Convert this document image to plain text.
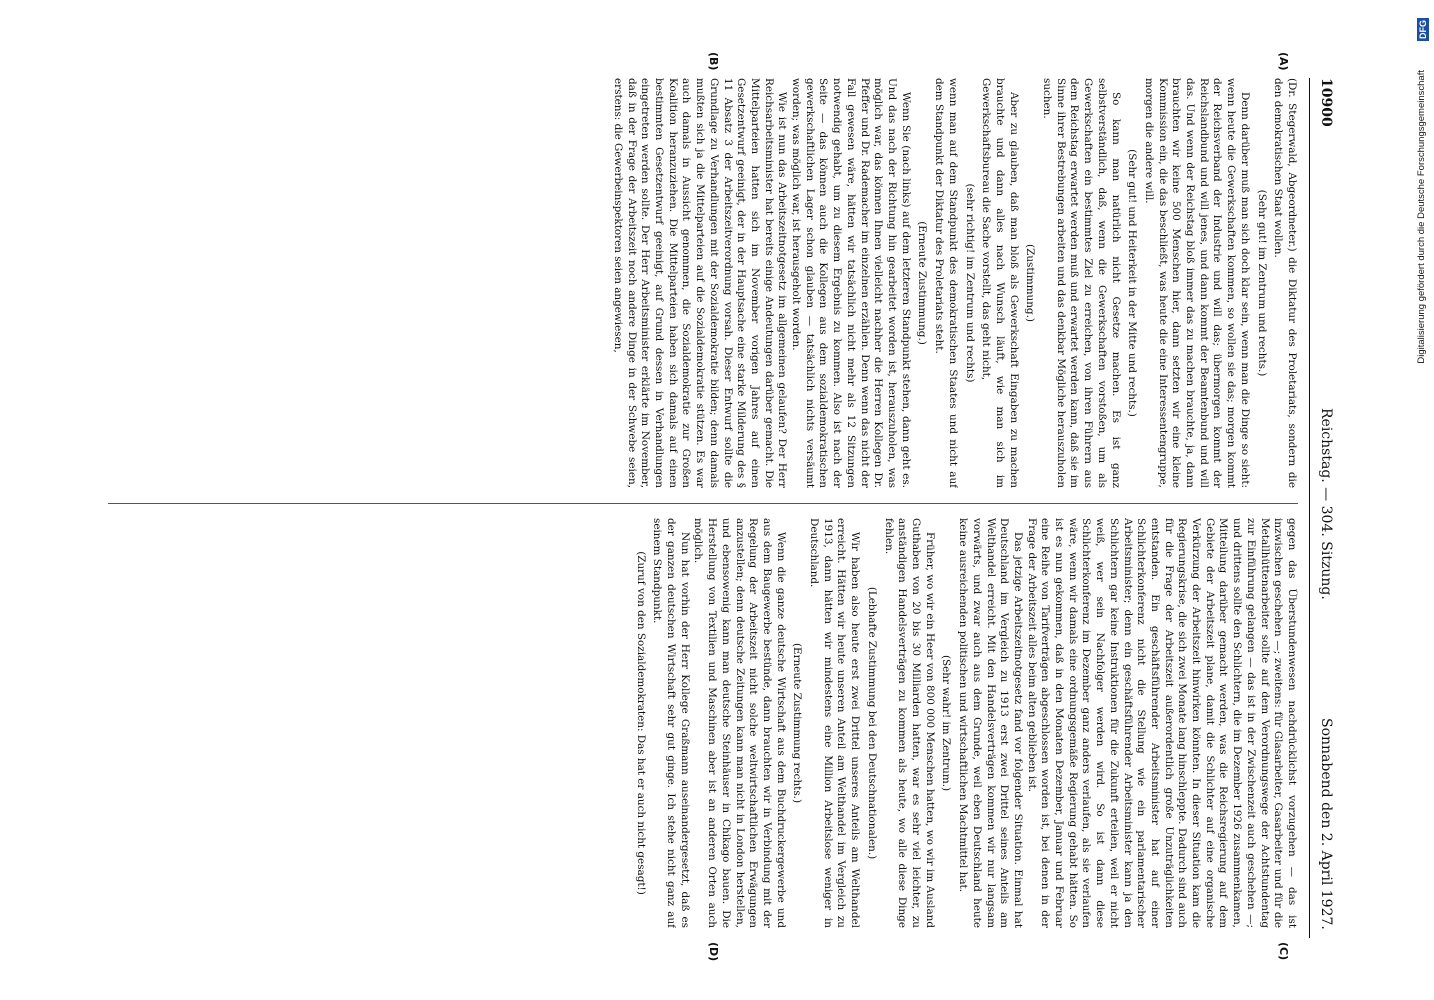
10900
Reichstag. — 304. Sitzung.
Sonnabend den 2. April 1927.
(A)
(B)
(C)
(D)

(Dr. Stegerwald, Abgeordneter.) die Diktatur des Proletariats, sondern die den demokratischen Staat wollen.

(Sehr gut! im Zentrum und rechts.)

Denn darüber muß man sich doch klar sein, wenn man die Dinge so sieht: wenn heute die Gewerkschaften kommen, so wollen sie das; morgen kommt der Reichsverband der Industrie und will das; übermorgen kommt der Reichslandbund und will jenes, und dann kommt der Beamtenbund und will das. Und wenn der Reichstag bloß immer das zu machen brauchte, ja, dann brauchten wir keine 500 Menschen hier, dann setzten wir eine kleine Kommission ein, die das beschließt, was heute die eine Interessentengruppe, morgen die andere will.

(Sehr gut! und Heiterkeit in der Mitte und rechts.)

So kann man natürlich nicht Gesetze machen. Es ist ganz selbstverständlich, daß, wenn die Gewerkschaften vorstoßen, um als Gewerkschaften ein bestimmtes Ziel zu erreichen, von ihren Führern aus dem Reichstag erwartet werden muß und erwartet werden kann, daß sie im Sinne ihrer Bestrebungen arbeiten und das denkbar Mögliche herauszuholen suchen.

(Zustimmung.)

Aber zu glauben, daß man bloß als Gewerkschaft Eingaben zu machen brauchte und dann alles nach Wunsch läuft, wie man sich im Gewerkschaftsbureau die Sache vorstellt, das geht nicht,

(sehr richtig! im Zentrum und rechts)

wenn man auf dem Standpunkt des demokratischen Staates und nicht auf dem Standpunkt der Diktatur des Proletariats steht.

(Erneute Zustimmung.)

Wenn Sie (nach links) auf dem letzteren Standpunkt stehen, dann geht es. Und das nach der Richtung hin gearbeitet worden ist, herauszuholen, was möglich war, das können Ihnen vielleicht nachher die Herren Kollegen Dr. Pfeffer und Dr. Rademacher im einzelnen erzählen. Denn wenn das nicht der Fall gewesen wäre, hätten wir tatsächlich nicht mehr als 12 Sitzungen notwendig gehabt, um zu diesem Ergebnis zu kommen. Also ist nach der Seite — das können auch die Kollegen aus dem sozialdemokratischen gewerkschaftlichen Lager schon glauben — tatsächlich nichts versäumt worden; was möglich war, ist herausgeholt worden.

Wie ist nun das Arbeitszeitnotgesetz im allgemeinen gelaufen? Der Herr Reichsarbeitsminister hat bereits einige Andeutungen darüber gemacht. Die Mittelparteien hatten sich im November vorigen Jahres auf einen Gesetzentwurf geeinigt, der in der Hauptsache eine starke Milderung des § 11 Absatz 3 der Arbeitszeitverordnung vorsah. Dieser Entwurf sollte die Grundlage zu Verhandlungen mit der Sozialdemokratie bilden; denn damals mußten sich ja die Mittelparteien auf die Sozialdemokratie stützen. Es war auch damals in Aussicht genommen, die Sozialdemokratie zur Großen Koalition heranzuziehen. Die Mittelparteien haben sich damals auf einen bestimmten Gesetzentwurf geeinigt, auf Grund dessen in Verhandlungen eingetreten werden sollte. Der Herr Arbeitsminister erklärte im November, daß in der Frage der Arbeitszeit noch andere Dinge in der Schwebe seien, erstens: die Gewerbeinspektoren seien angewiesen,

gegen das Überstundenwesen nachdrücklichst vorzugehen — das ist inzwischen geschehen —; zweitens: für Glasarbeiter, Gasarbeiter und für die Metallhüttenarbeiter sollte auf dem Verordnungswege der Achtstundentag zur Einführung gelangen — das ist in der Zwischenzeit auch geschehen —; und drittens sollte den Schlichtern, die im Dezember 1926 zusammenkamen, Mitteilung darüber gemacht werden, was die Reichsregierung auf dem Gebiete der Arbeitszeit plane, damit die Schlichter auf eine organische Verkürzung der Arbeitszeit hinwirken könnten. In dieser Situation kam die Regierungskrise, die sich zwei Monate lang hinschleppte. Dadurch sind auch für die Frage der Arbeitszeit außerordentlich große Unzuträglichkeiten entstanden. Ein geschäftsführender Arbeitsminister hat auf einer Schlichterkonferenz nicht die Stellung wie ein parlamentarischer Arbeitsminister; denn ein geschäftsführender Arbeitsminister kann ja den Schlichtern gar keine Instruktionen für die Zukunft erteilen, weil er nicht weiß, wer sein Nachfolger werden wird. So ist dann diese Schlichterkonferenz im Dezember ganz anders verlaufen, als sie verlaufen wäre, wenn wir damals eine ordnungsgemäße Regierung gehabt hätten. So ist es nun gekommen, daß in den Monaten Dezember, Januar und Februar eine Reihe von Tarifverträgen abgeschlossen worden ist, bei denen in der Frage der Arbeitszeit alles beim alten geblieben ist.

Das jetzige Arbeitszeitnotgesetz fand vor folgender Situation. Einmal hat Deutschland im Vergleich zu 1913 erst zwei Drittel seines Anteils am Welthandel erreicht. Mit den Handelsverträgen kommen wir nur langsam vorwärts, und zwar auch aus dem Grunde, weil eben Deutschland heute keine ausreichenden politischen und wirtschaftlichen Machtmittel hat.

(Sehr wahr! im Zentrum.)

Früher, wo wir ein Heer von 800 000 Menschen hatten, wo wir im Ausland Guthaben von 20 bis 30 Milliarden hatten, war es sehr viel leichter, zu anständigen Handelsverträgen zu kommen als heute, wo alle diese Dinge fehlen.

(Lebhafte Zustimmung bei den Deutschnationalen.)

Wir haben also heute erst zwei Drittel unseres Anteils am Welthandel erreicht. Hätten wir heute unseren Anteil am Welthandel im Vergleich zu 1913, dann hätten wir mindestens eine Million Arbeitslose weniger in Deutschland.

(Erneute Zustimmung rechts.)

Wenn die ganze deutsche Wirtschaft aus dem Buchdruckergewerbe und aus dem Baugewerbe bestünde, dann brauchten wir in Verbindung mit der Regelung der Arbeitszeit nicht solche weltwirtschaftlichen Erwägungen anzustellen; denn deutsche Zeitungen kann man nicht in London herstellen, und ebensowenig kann man deutsche Steinhäuser in Chikago bauen. Die Herstellung von Textilien und Maschinen aber ist an anderen Orten auch möglich.

Nun hat vorhin der Herr Kollege Graßmann auseinandergesetzt, daß es der ganzen deutschen Wirtschaft sehr gut ginge. Ich stehe nicht ganz auf seinem Standpunkt.

(Zuruf von den Sozialdemokraten: Das hat er auch nicht gesagt!)

DFG
Digitalisierung gefördert durch die Deutsche Forschungsgemeinschaft
